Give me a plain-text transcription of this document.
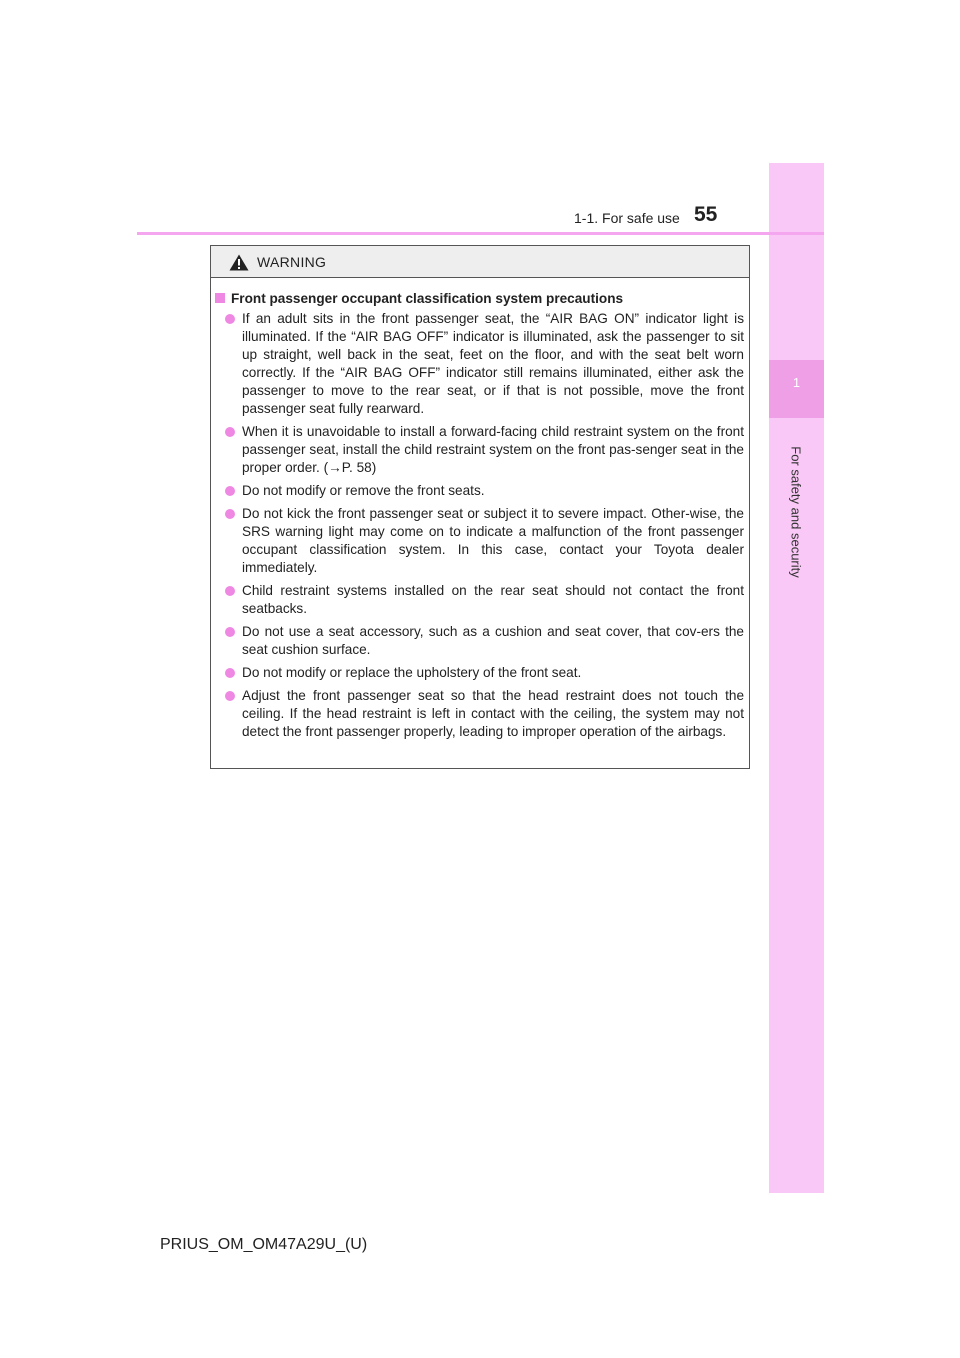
1
For safety and security
1-1. For safe use 55
WARNING
Front passenger occupant classification system precautions
If an adult sits in the front passenger seat, the “AIR BAG ON” indicator light is illuminated. If the “AIR BAG OFF” indicator is illuminated, ask the passenger to sit up straight, well back in the seat, feet on the floor, and with the seat belt worn correctly. If the “AIR BAG OFF” indicator still remains illuminated, either ask the passenger to move to the rear seat, or if that is not possible, move the front passenger seat fully rearward.
When it is unavoidable to install a forward-facing child restraint system on the front passenger seat, install the child restraint system on the front pas-senger seat in the proper order. (→P. 58)
Do not modify or remove the front seats.
Do not kick the front passenger seat or subject it to severe impact. Other-wise, the SRS warning light may come on to indicate a malfunction of the front passenger occupant classification system. In this case, contact your Toyota dealer immediately.
Child restraint systems installed on the rear seat should not contact the front seatbacks.
Do not use a seat accessory, such as a cushion and seat cover, that cov-ers the seat cushion surface.
Do not modify or replace the upholstery of the front seat.
Adjust the front passenger seat so that the head restraint does not touch the ceiling. If the head restraint is left in contact with the ceiling, the system may not detect the front passenger properly, leading to improper operation of the airbags.
PRIUS_OM_OM47A29U_(U)
